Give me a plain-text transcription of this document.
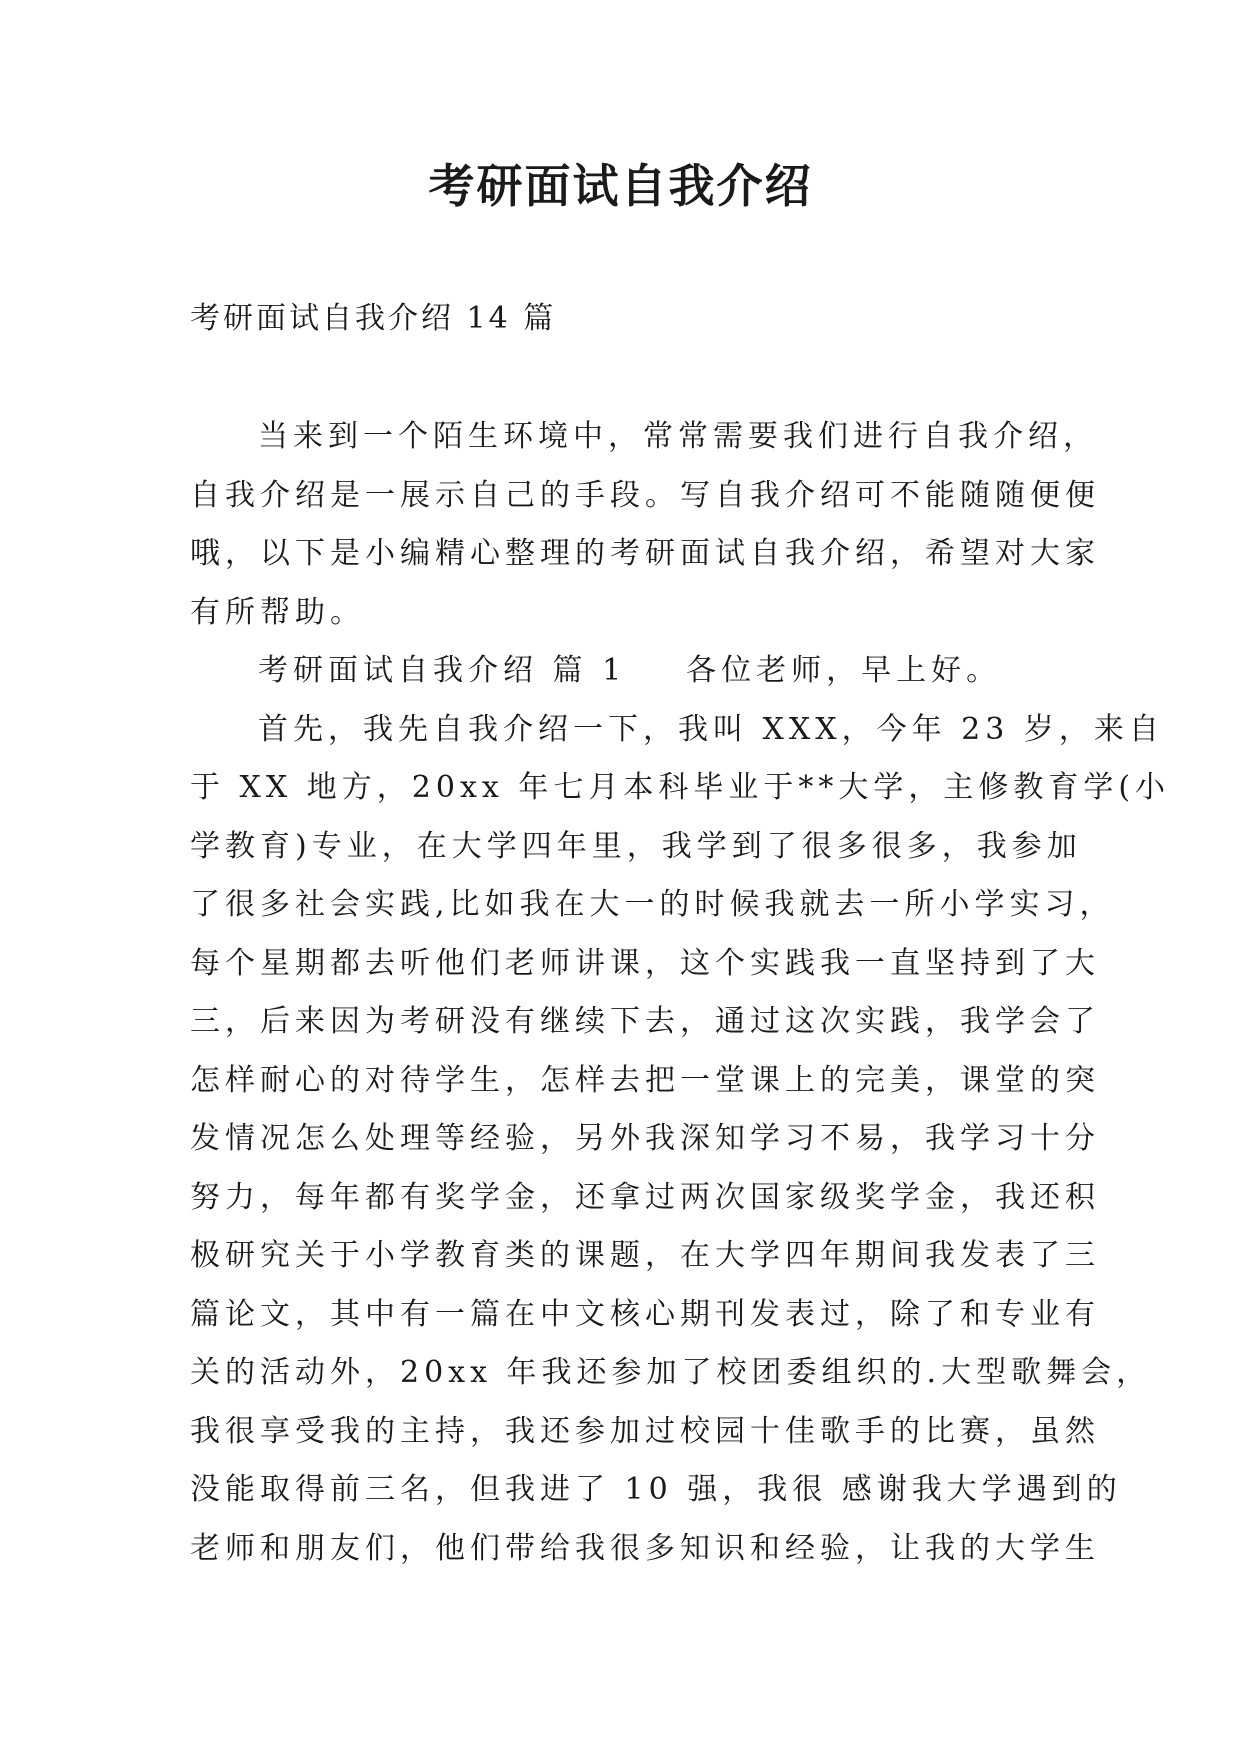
考研面试自我介绍

考研面试自我介绍 14 篇

当来到一个陌生环境中，常常需要我们进行自我介绍，
自我介绍是一展示自己的手段。写自我介绍可不能随随便便
哦，以下是小编精心整理的考研面试自我介绍，希望对大家
有所帮助。
考研面试自我介绍 篇 1 各位老师，早上好。
首先，我先自我介绍一下，我叫 XXX，今年 23 岁，来自
于 XX 地方，20xx 年七月本科毕业于**大学，主修教育学(小
学教育)专业，在大学四年里，我学到了很多很多，我参加
了很多社会实践,比如我在大一的时候我就去一所小学实习，
每个星期都去听他们老师讲课，这个实践我一直坚持到了大
三，后来因为考研没有继续下去，通过这次实践，我学会了
怎样耐心的对待学生，怎样去把一堂课上的完美，课堂的突
发情况怎么处理等经验，另外我深知学习不易，我学习十分
努力，每年都有奖学金，还拿过两次国家级奖学金，我还积
极研究关于小学教育类的课题，在大学四年期间我发表了三
篇论文，其中有一篇在中文核心期刊发表过，除了和专业有
关的活动外，20xx 年我还参加了校团委组织的.大型歌舞会，
我很享受我的主持，我还参加过校园十佳歌手的比赛，虽然
没能取得前三名，但我进了 10 强，我很 感谢我大学遇到的
老师和朋友们，他们带给我很多知识和经验，让我的大学生
